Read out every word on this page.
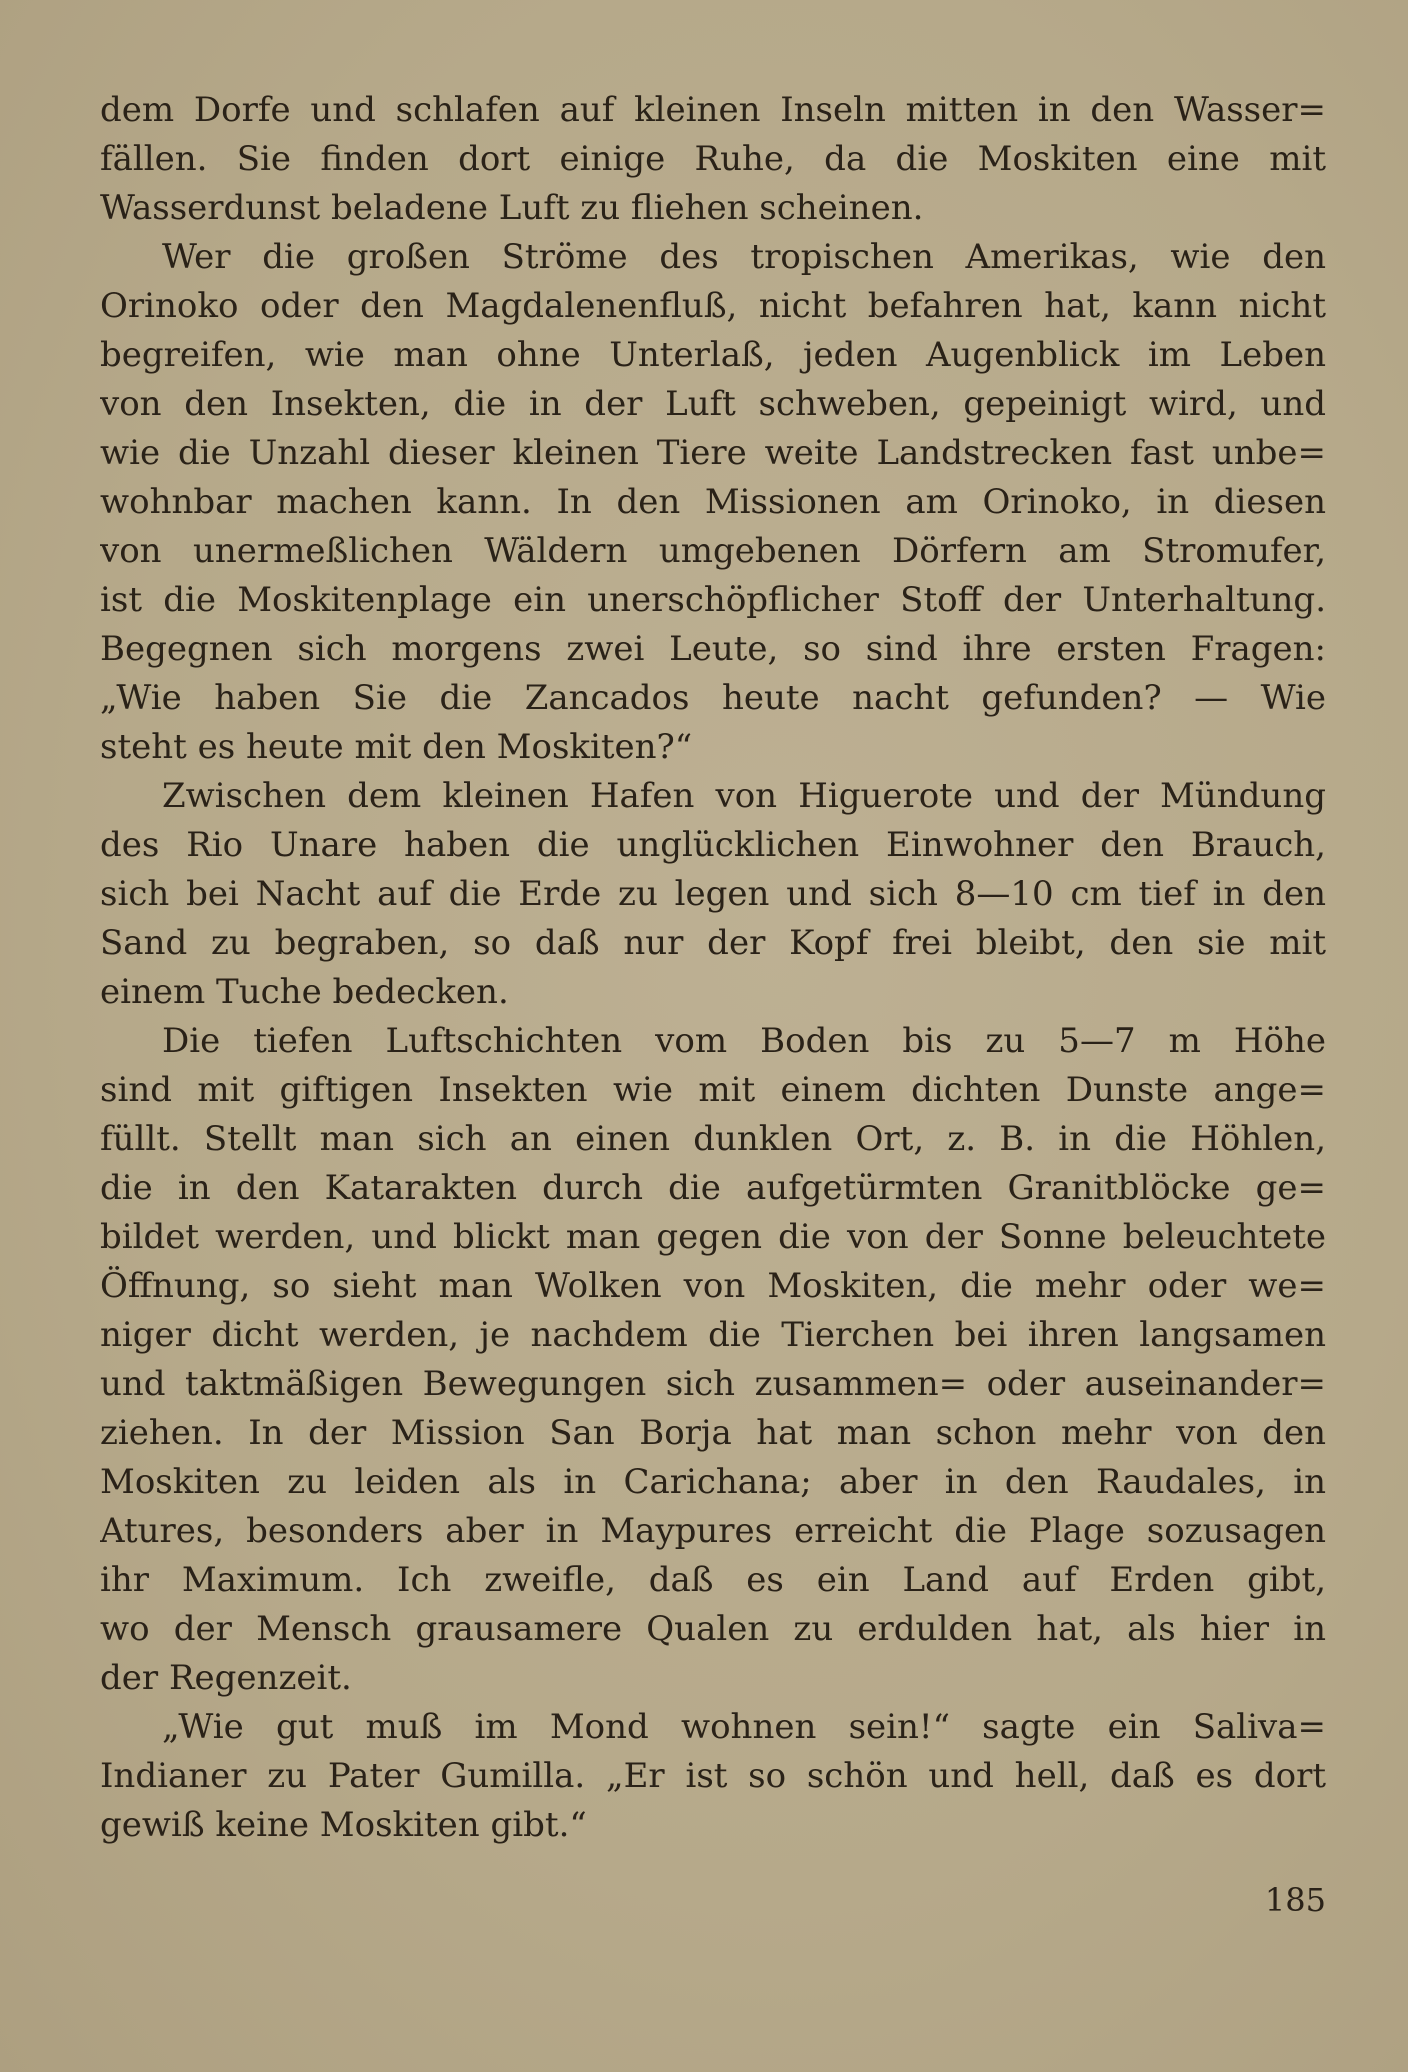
dem Dorfe und schlafen auf kleinen Inseln mitten in den Wasser=
fällen. Sie finden dort einige Ruhe, da die Moskiten eine mit
Wasserdunst beladene Luft zu fliehen scheinen.
Wer die großen Ströme des tropischen Amerikas, wie den
Orinoko oder den Magdalenenfluß, nicht befahren hat, kann nicht
begreifen, wie man ohne Unterlaß, jeden Augenblick im Leben
von den Insekten, die in der Luft schweben, gepeinigt wird, und
wie die Unzahl dieser kleinen Tiere weite Landstrecken fast unbe=
wohnbar machen kann. In den Missionen am Orinoko, in diesen
von unermeßlichen Wäldern umgebenen Dörfern am Stromufer,
ist die Moskitenplage ein unerschöpflicher Stoff der Unterhaltung.
Begegnen sich morgens zwei Leute, so sind ihre ersten Fragen:
„Wie haben Sie die Zancados heute nacht gefunden? — Wie
steht es heute mit den Moskiten?“
Zwischen dem kleinen Hafen von Higuerote und der Mündung
des Rio Unare haben die unglücklichen Einwohner den Brauch,
sich bei Nacht auf die Erde zu legen und sich 8—10 cm tief in den
Sand zu begraben, so daß nur der Kopf frei bleibt, den sie mit
einem Tuche bedecken.
Die tiefen Luftschichten vom Boden bis zu 5—7 m Höhe
sind mit giftigen Insekten wie mit einem dichten Dunste ange=
füllt. Stellt man sich an einen dunklen Ort, z. B. in die Höhlen,
die in den Katarakten durch die aufgetürmten Granitblöcke ge=
bildet werden, und blickt man gegen die von der Sonne beleuchtete
Öffnung, so sieht man Wolken von Moskiten, die mehr oder we=
niger dicht werden, je nachdem die Tierchen bei ihren langsamen
und taktmäßigen Bewegungen sich zusammen= oder auseinander=
ziehen. In der Mission San Borja hat man schon mehr von den
Moskiten zu leiden als in Carichana; aber in den Raudales, in
Atures, besonders aber in Maypures erreicht die Plage sozusagen
ihr Maximum. Ich zweifle, daß es ein Land auf Erden gibt,
wo der Mensch grausamere Qualen zu erdulden hat, als hier in
der Regenzeit.
„Wie gut muß im Mond wohnen sein!“ sagte ein Saliva=
Indianer zu Pater Gumilla. „Er ist so schön und hell, daß es dort
gewiß keine Moskiten gibt.“
185
